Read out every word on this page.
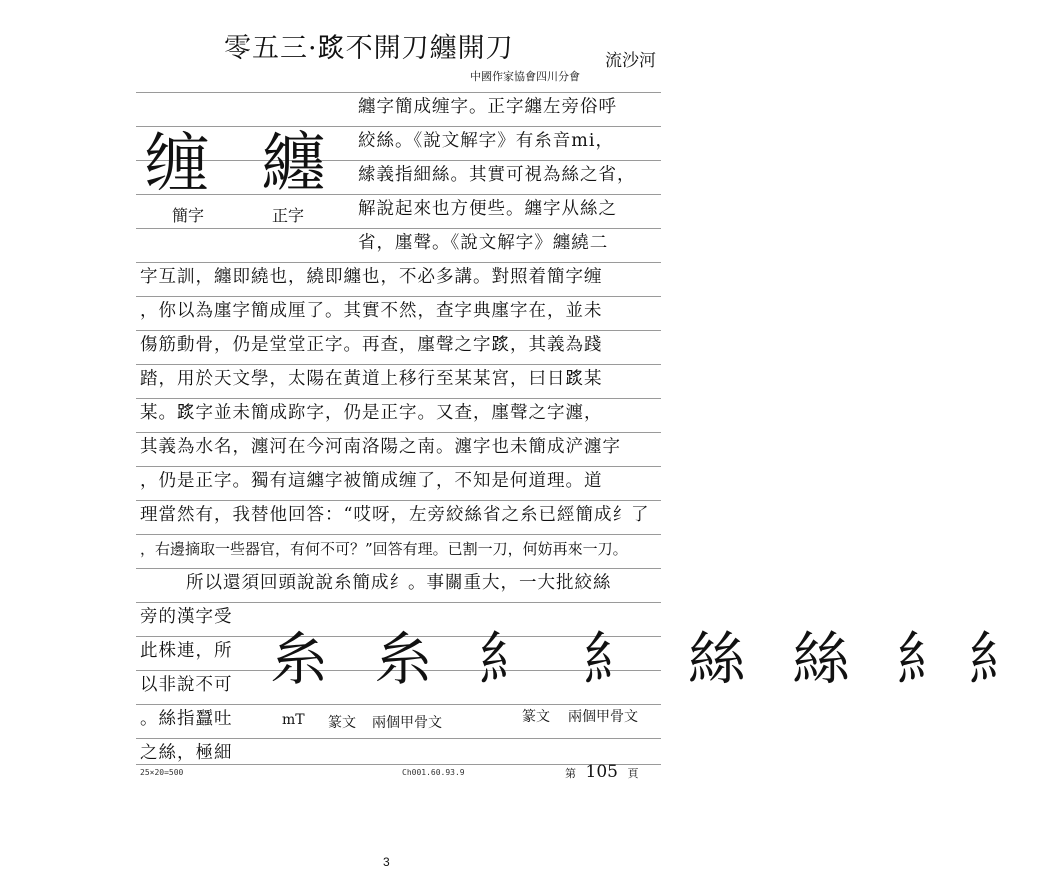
零五三·𨂂不開刀纏開刀	流沙河
中國作家協會四川分會
缠 纏
簡字	正字
纏字簡成缠字。正字纏左旁俗呼
絞絲。《說文解字》有糸音mi，
䌇義指細絲。其實可視為絲之省，
解說起來也方便些。纏字从絲之
省，廛聲。《說文解字》纏繞二
字互訓，纏即繞也，繞即纏也，不必多講。對照着簡字缠
，你以為廛字簡成厘了。其實不然，查字典廛字在，並未
傷筋動骨，仍是堂堂正字。再查，廛聲之字𨂂，其義為踐
踏，用於天文學，太陽在黃道上移行至某某宮，曰日𨂂某
某。𨂂字並未簡成䟢字，仍是正字。又查，廛聲之字瀍，
其義為水名，瀍河在今河南洛陽之南。瀍字也未簡成浐瀍字
，仍是正字。獨有這纏字被簡成缠了，不知是何道理。道
理當然有，我替他回答：“哎呀，左旁絞絲省之糸已經簡成纟了
，右邊摘取一些器官，有何不可？”回答有理。已割一刀，何妨再來一刀。
所以還須回頭說說糸簡成纟。事關重大，一大批絞絲
旁的漢字受
此株連，所
以非說不可
。絲指蠶吐
之絲，極細
糸 糸 ⺯ ⺯ 絲 絲 ⺯⺯
mT 篆文 兩個甲骨文	篆文 兩個甲骨文
25×20=500	Ch001.60.93.9	第 105 頁
3
